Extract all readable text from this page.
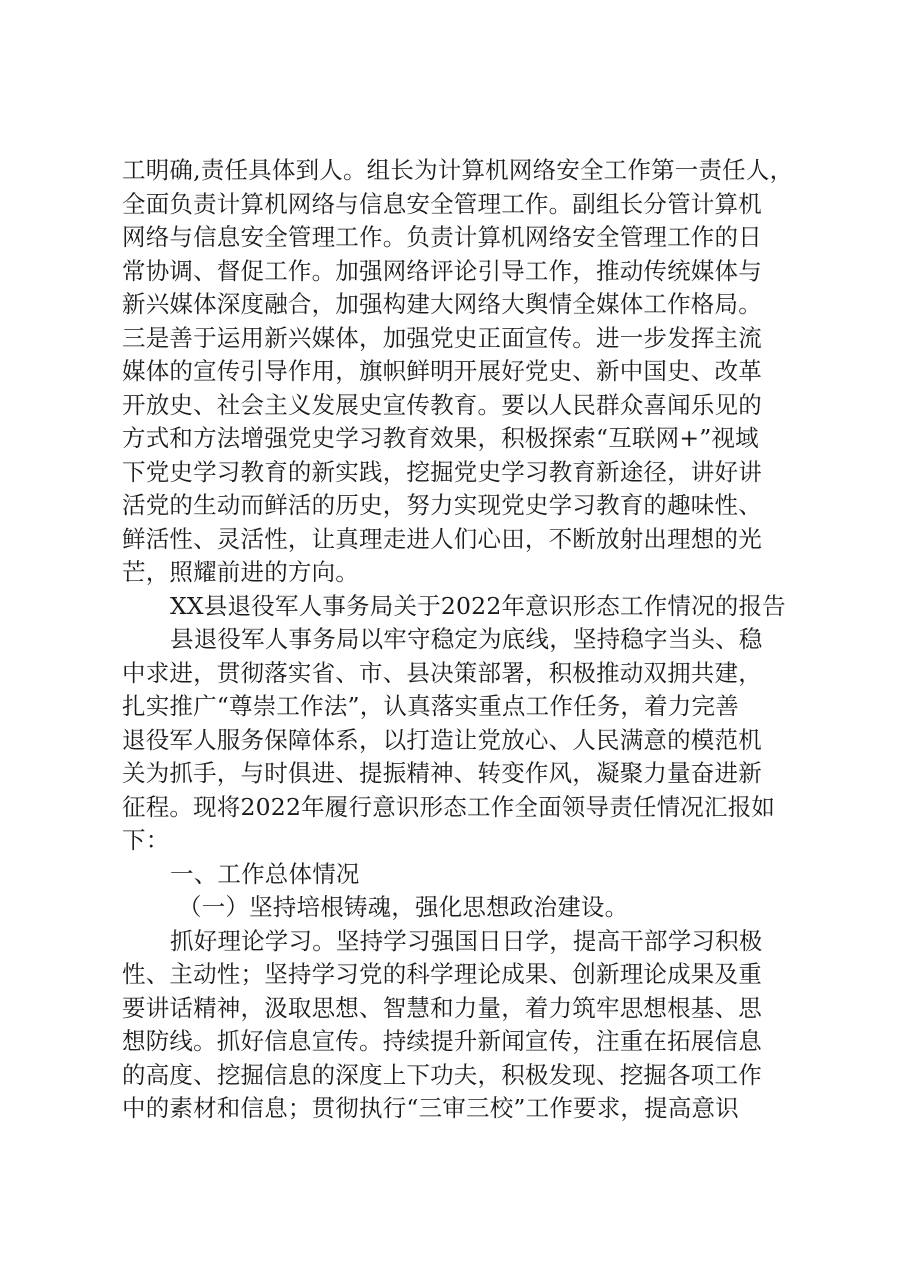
工明确,责任具体到人。组长为计算机网络安全工作第一责任人，
全面负责计算机网络与信息安全管理工作。副组长分管计算机
网络与信息安全管理工作。负责计算机网络安全管理工作的日
常协调、督促工作。加强网络评论引导工作，推动传统媒体与
新兴媒体深度融合，加强构建大网络大舆情全媒体工作格局。
三是善于运用新兴媒体，加强党史正面宣传。进一步发挥主流
媒体的宣传引导作用，旗帜鲜明开展好党史、新中国史、改革
开放史、社会主义发展史宣传教育。要以人民群众喜闻乐见的
方式和方法增强党史学习教育效果，积极探索“互联网+”视域
下党史学习教育的新实践，挖掘党史学习教育新途径，讲好讲
活党的生动而鲜活的历史，努力实现党史学习教育的趣味性、
鲜活性、灵活性，让真理走进人们心田，不断放射出理想的光
芒，照耀前进的方向。
XX县退役军人事务局关于2022年意识形态工作情况的报告
县退役军人事务局以牢守稳定为底线，坚持稳字当头、稳
中求进，贯彻落实省、市、县决策部署，积极推动双拥共建，
扎实推广“尊崇工作法”，认真落实重点工作任务，着力完善
退役军人服务保障体系，以打造让党放心、人民满意的模范机
关为抓手，与时俱进、提振精神、转变作风，凝聚力量奋进新
征程。现将2022年履行意识形态工作全面领导责任情况汇报如
下：
一、工作总体情况
（一）坚持培根铸魂，强化思想政治建设。
抓好理论学习。坚持学习强国日日学，提高干部学习积极
性、主动性；坚持学习党的科学理论成果、创新理论成果及重
要讲话精神，汲取思想、智慧和力量，着力筑牢思想根基、思
想防线。抓好信息宣传。持续提升新闻宣传，注重在拓展信息
的高度、挖掘信息的深度上下功夫，积极发现、挖掘各项工作
中的素材和信息；贯彻执行“三审三校”工作要求，提高意识
